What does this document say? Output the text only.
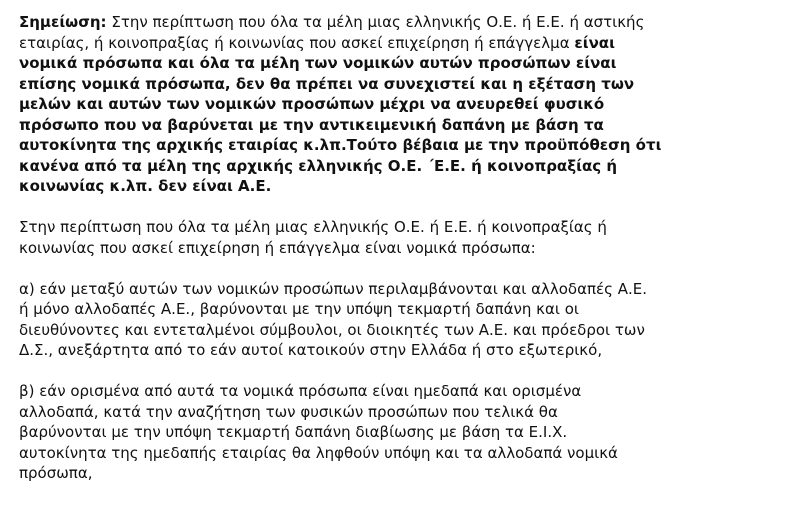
Σημείωση: Στην περίπτωση που όλα τα μέλη μιας ελληνικής Ο.Ε. ή Ε.Ε. ή αστικής
εταιρίας, ή κοινοπραξίας ή κοινωνίας που ασκεί επιχείρηση ή επάγγελμα είναι
νομικά πρόσωπα και όλα τα μέλη των νομικών αυτών προσώπων είναι
επίσης νομικά πρόσωπα, δεν θα πρέπει να συνεχιστεί και η εξέταση των
μελών και αυτών των νομικών προσώπων μέχρι να ανευρεθεί φυσικό
πρόσωπο που να βαρύνεται με την αντικειμενική δαπάνη με βάση τα
αυτοκίνητα της αρχικής εταιρίας κ.λπ.Τούτο βέβαια με την προϋπόθεση ότι
κανένα από τα μέλη της αρχικής ελληνικής Ο.Ε. ΄Ε.Ε. ή κοινοπραξίας ή
κοινωνίας κ.λπ. δεν είναι Α.Ε.

Στην περίπτωση που όλα τα μέλη μιας ελληνικής Ο.Ε. ή Ε.Ε. ή κοινοπραξίας ή
κοινωνίας που ασκεί επιχείρηση ή επάγγελμα είναι νομικά πρόσωπα:

α) εάν μεταξύ αυτών των νομικών προσώπων περιλαμβάνονται και αλλοδαπές Α.Ε.
ή μόνο αλλοδαπές Α.Ε., βαρύνονται με την υπόψη τεκμαρτή δαπάνη και οι
διευθύνοντες και εντεταλμένοι σύμβουλοι, οι διοικητές των Α.Ε. και πρόεδροι των
Δ.Σ., ανεξάρτητα από το εάν αυτοί κατοικούν στην Ελλάδα ή στο εξωτερικό,

β) εάν ορισμένα από αυτά τα νομικά πρόσωπα είναι ημεδαπά και ορισμένα
αλλοδαπά, κατά την αναζήτηση των φυσικών προσώπων που τελικά θα
βαρύνονται με την υπόψη τεκμαρτή δαπάνη διαβίωσης με βάση τα Ε.Ι.Χ.
αυτοκίνητα της ημεδαπής εταιρίας θα ληφθούν υπόψη και τα αλλοδαπά νομικά
πρόσωπα,
